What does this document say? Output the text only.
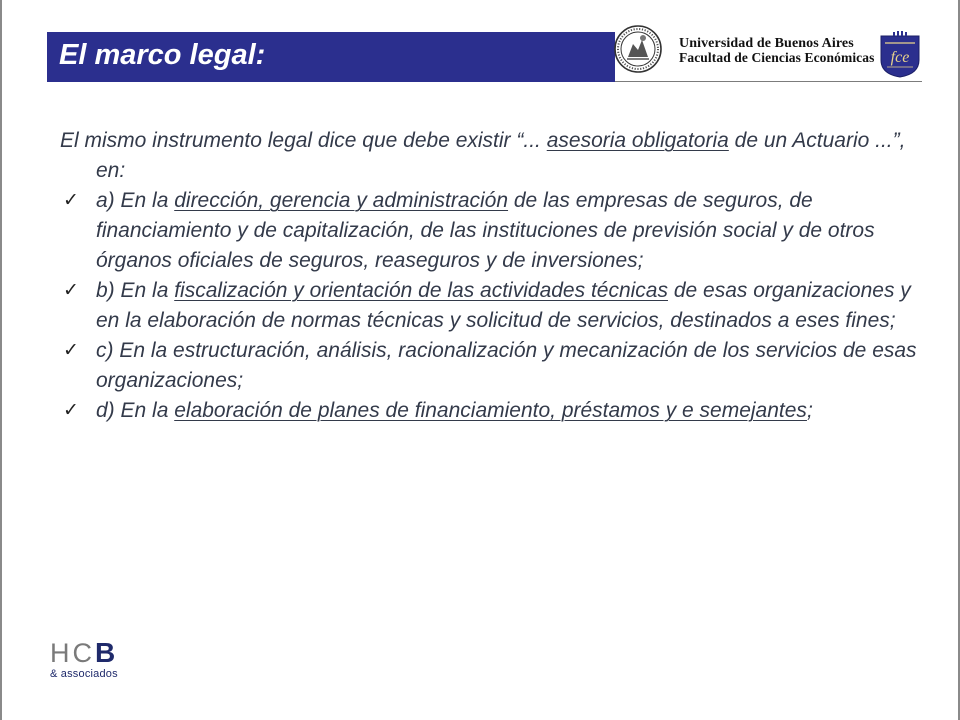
El marco legal:	Universidad de Buenos Aires
Facultad de Ciencias Económicas fce

El mismo instrumento legal dice que debe existir “... asesoria obligatoria de un Actuario ...”, en:

✓ a) En la dirección, gerencia y administración de las empresas de seguros, de financiamiento y de capitalización, de las instituciones de previsión social y de otros órganos oficiales de seguros, reaseguros y de inversiones;
✓ b) En la fiscalización y orientación de las actividades técnicas de esas organizaciones y en la elaboración de normas técnicas y solicitud de servicios, destinados a eses fines;
✓ c) En la estructuración, análisis, racionalización y mecanización de los servicios de esas organizaciones;
✓ d) En la elaboración de planes de financiamiento, préstamos y e semejantes;
H C B
& associados
